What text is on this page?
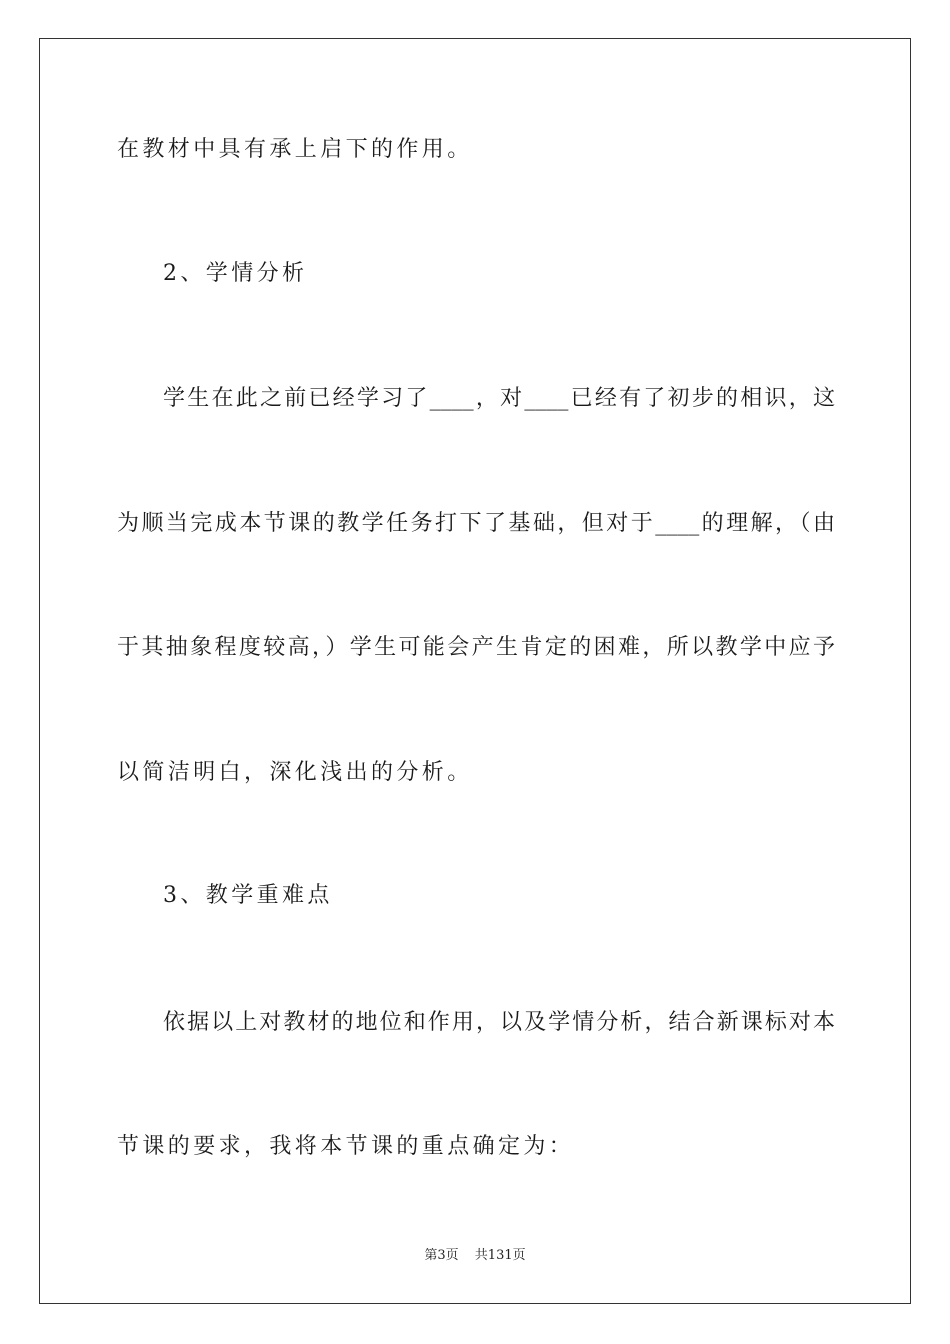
在教材中具有承上启下的作用。
2、学情分析
学生在此之前已经学习了____，对____已经有了初步的相识，这
为顺当完成本节课的教学任务打下了基础，但对于____的理解，（由
于其抽象程度较高，）学生可能会产生肯定的困难，所以教学中应予
以简洁明白，深化浅出的分析。
3、教学重难点
依据以上对教材的地位和作用，以及学情分析，结合新课标对本
节课的要求，我将本节课的重点确定为：
第3页 共131页
